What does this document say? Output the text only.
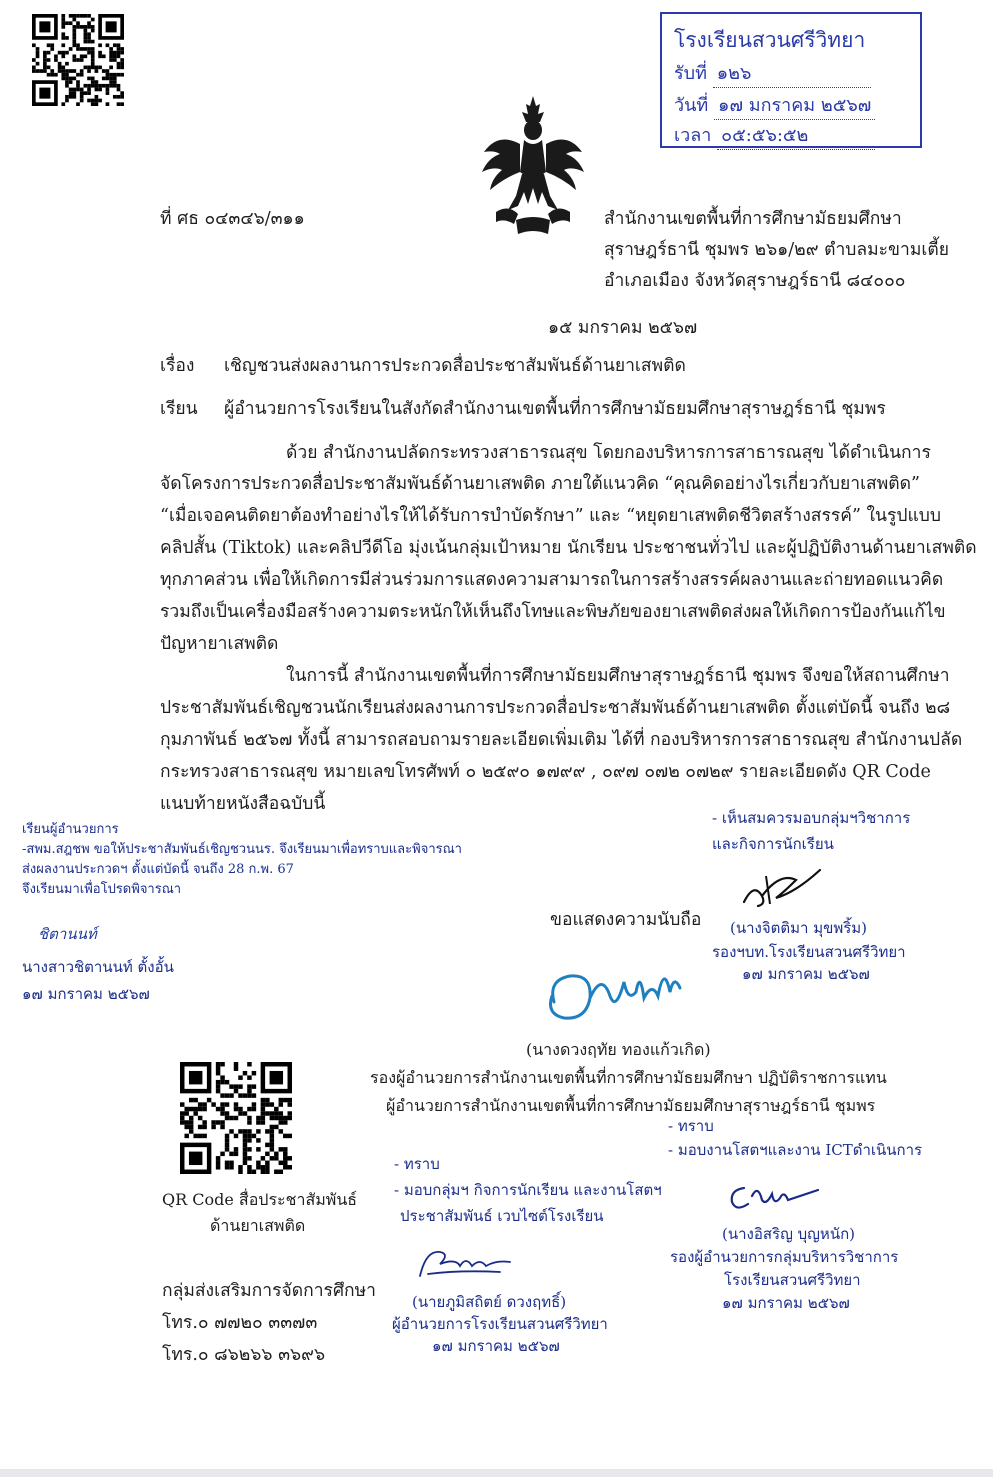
โรงเรียนสวนศรีวิทยา
รับที่ ๑๒๖
วันที่ ๑๗ มกราคม ๒๕๖๗
เวลา ๐๕:๕๖:๕๒
ที่ ศธ ๐๔๓๔๖/๓๑๑	สำนักงานเขตพื้นที่การศึกษามัธยมศึกษา
สุราษฎร์ธานี ชุมพร ๒๖๑/๒๙ ตำบลมะขามเตี้ย
อำเภอเมือง จังหวัดสุราษฎร์ธานี ๘๔๐๐๐
๑๕ มกราคม ๒๕๖๗
เรื่อง เชิญชวนส่งผลงานการประกวดสื่อประชาสัมพันธ์ด้านยาเสพติด
เรียน ผู้อำนวยการโรงเรียนในสังกัดสำนักงานเขตพื้นที่การศึกษามัธยมศึกษาสุราษฎร์ธานี ชุมพร
ด้วย สำนักงานปลัดกระทรวงสาธารณสุข โดยกองบริหารการสาธารณสุข ได้ดำเนินการ
จัดโครงการประกวดสื่อประชาสัมพันธ์ด้านยาเสพติด ภายใต้แนวคิด “คุณคิดอย่างไรเกี่ยวกับยาเสพติด”
“เมื่อเจอคนติดยาต้องทำอย่างไรให้ได้รับการบำบัดรักษา” และ “หยุดยาเสพติดชีวิตสร้างสรรค์” ในรูปแบบ
คลิปสั้น (Tiktok) และคลิปวีดีโอ มุ่งเน้นกลุ่มเป้าหมาย นักเรียน ประชาชนทั่วไป และผู้ปฏิบัติงานด้านยาเสพติด
ทุกภาคส่วน เพื่อให้เกิดการมีส่วนร่วมการแสดงความสามารถในการสร้างสรรค์ผลงานและถ่ายทอดแนวคิด
รวมถึงเป็นเครื่องมือสร้างความตระหนักให้เห็นถึงโทษและพิษภัยของยาเสพติดส่งผลให้เกิดการป้องกันแก้ไข
ปัญหายาเสพติด
ในการนี้ สำนักงานเขตพื้นที่การศึกษามัธยมศึกษาสุราษฎร์ธานี ชุมพร จึงขอให้สถานศึกษา
ประชาสัมพันธ์เชิญชวนนักเรียนส่งผลงานการประกวดสื่อประชาสัมพันธ์ด้านยาเสพติด ตั้งแต่บัดนี้ จนถึง ๒๘
กุมภาพันธ์ ๒๕๖๗ ทั้งนี้ สามารถสอบถามรายละเอียดเพิ่มเติม ได้ที่ กองบริหารการสาธารณสุข สำนักงานปลัด
กระทรวงสาธารณสุข หมายเลขโทรศัพท์ ๐ ๒๕๙๐ ๑๗๙๙ , ๐๙๗ ๐๗๒ ๐๗๒๙ รายละเอียดดัง QR Code
แนบท้ายหนังสือฉบับนี้
เรียนผู้อำนวยการ
-สพม.สฎชพ ขอให้ประชาสัมพันธ์เชิญชวนนร. จึงเรียนมาเพื่อทราบและพิจารณา
ส่งผลงานประกวดฯ ตั้งแต่บัดนี้ จนถึง 28 ก.พ. 67
จึงเรียนมาเพื่อโปรดพิจารณา
ชิตานนท์
นางสาวชิตานนท์ ตั้งอั้น
๑๗ มกราคม ๒๕๖๗
- เห็นสมควรมอบกลุ่มฯวิชาการ
และกิจการนักเรียน
(นางจิตติมา มุขพริ้ม)
รองฯบท.โรงเรียนสวนศรีวิทยา
๑๗ มกราคม ๒๕๖๗
ขอแสดงความนับถือ
(นางดวงฤทัย ทองแก้วเกิด)
รองผู้อำนวยการสำนักงานเขตพื้นที่การศึกษามัธยมศึกษา ปฏิบัติราชการแทน
ผู้อำนวยการสำนักงานเขตพื้นที่การศึกษามัธยมศึกษาสุราษฎร์ธานี ชุมพร
QR Code สื่อประชาสัมพันธ์
ด้านยาเสพติด
กลุ่มส่งเสริมการจัดการศึกษา
โทร.๐ ๗๗๒๐ ๓๓๗๓
โทร.๐ ๘๖๒๖๖ ๓๖๙๖
- ทราบ
- มอบงานโสตฯและงาน ICTดำเนินการ
- ทราบ
- มอบกลุ่มฯ กิจการนักเรียน และงานโสตฯ
ประชาสัมพันธ์ เวบไซต์โรงเรียน
(นางอิสริญ บุญหนัก)
รองผู้อำนวยการกลุ่มบริหารวิชาการ
โรงเรียนสวนศรีวิทยา
๑๗ มกราคม ๒๕๖๗
(นายภูมิสถิตย์ ดวงฤทธิ์)
ผู้อำนวยการโรงเรียนสวนศรีวิทยา
๑๗ มกราคม ๒๕๖๗
